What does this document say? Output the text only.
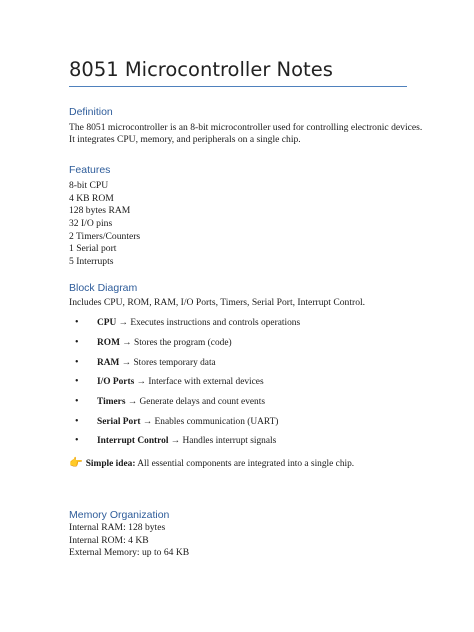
8051 Microcontroller Notes
Definition

The 8051 microcontroller is an 8-bit microcontroller used for controlling electronic devices.

It integrates CPU, memory, and peripherals on a single chip.

Features
8-bit CPU
4 KB ROM
128 bytes RAM
32 I/O pins
2 Timers/Counters
1 Serial port
5 Interrupts
Block Diagram

Includes CPU, ROM, RAM, I/O Ports, Timers, Serial Port, Interrupt Control.

• CPU → Executes instructions and controls operations
• ROM → Stores the program (code)
• RAM → Stores temporary data
• I/O Ports → Interface with external devices
• Timers → Generate delays and count events
• Serial Port → Enables communication (UART)
• Interrupt Control → Handles interrupt signals
👉 Simple idea: All essential components are integrated into a single chip.
Memory Organization
Internal RAM: 128 bytes
Internal ROM: 4 KB
External Memory: up to 64 KB
